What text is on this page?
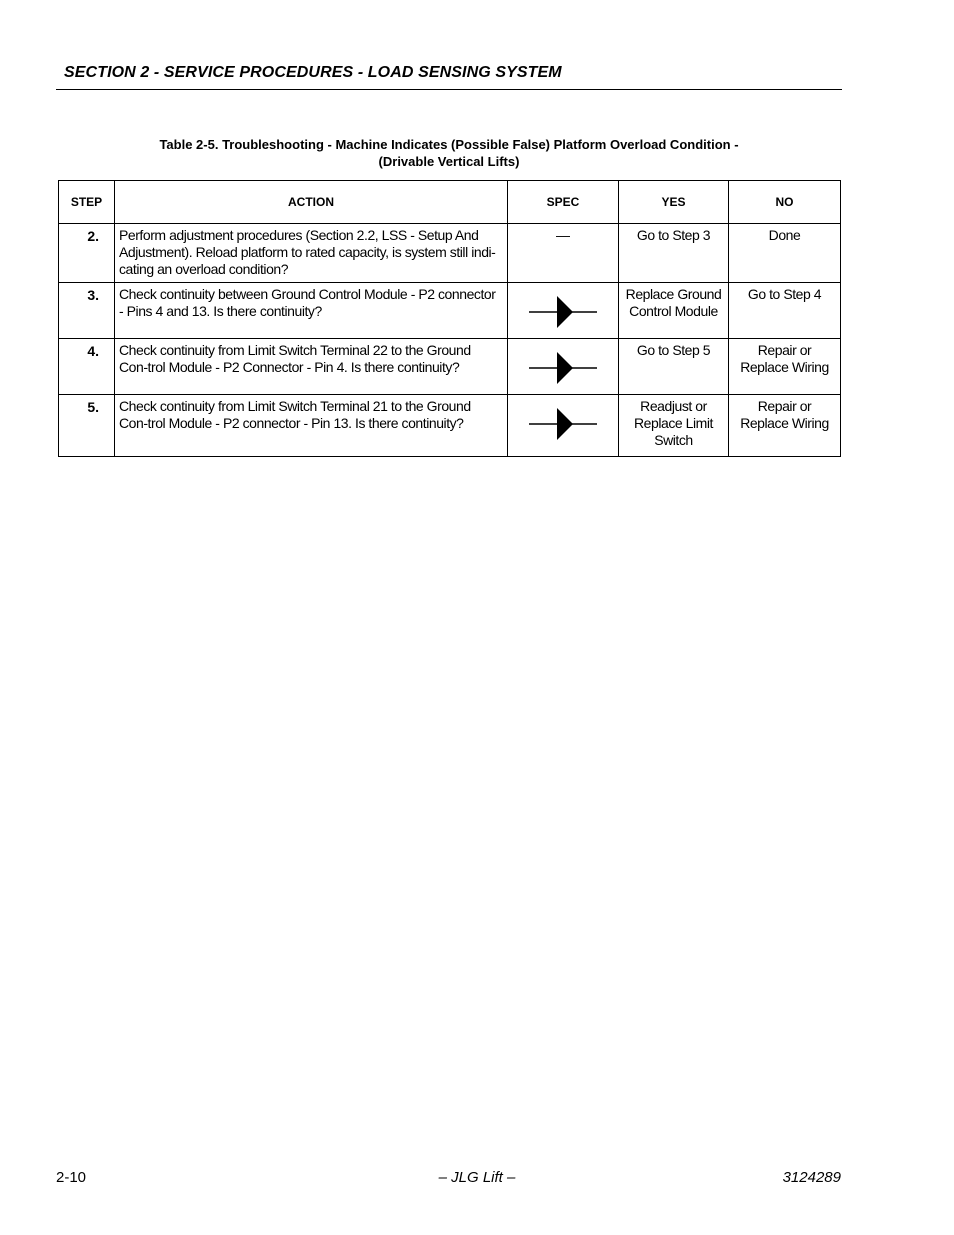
SECTION 2 - SERVICE PROCEDURES - LOAD SENSING SYSTEM

Table 2-5. Troubleshooting - Machine Indicates (Possible False) Platform Overload Condition -
(Drivable Vertical Lifts)

STEP	ACTION	SPEC	YES	NO
2.	Perform adjustment procedures (Section 2.2, LSS - Setup And Adjustment). Reload platform to rated capacity, is system still indi-cating an overload condition?	—	Go to Step 3	Done
3.	Check continuity between Ground Control Module - P2 connector - Pins 4 and 13. Is there continuity?		Replace Ground Control Module	Go to Step 4
4.	Check continuity from Limit Switch Terminal 22 to the Ground Con-trol Module - P2 Connector - Pin 4. Is there continuity?		Go to Step 5	Repair or Replace Wiring
5.	Check continuity from Limit Switch Terminal 21 to the Ground Con-trol Module - P2 connector - Pin 13. Is there continuity?		Readjust or Replace Limit Switch	Repair or Replace Wiring

2-10	– JLG Lift –	3124289
